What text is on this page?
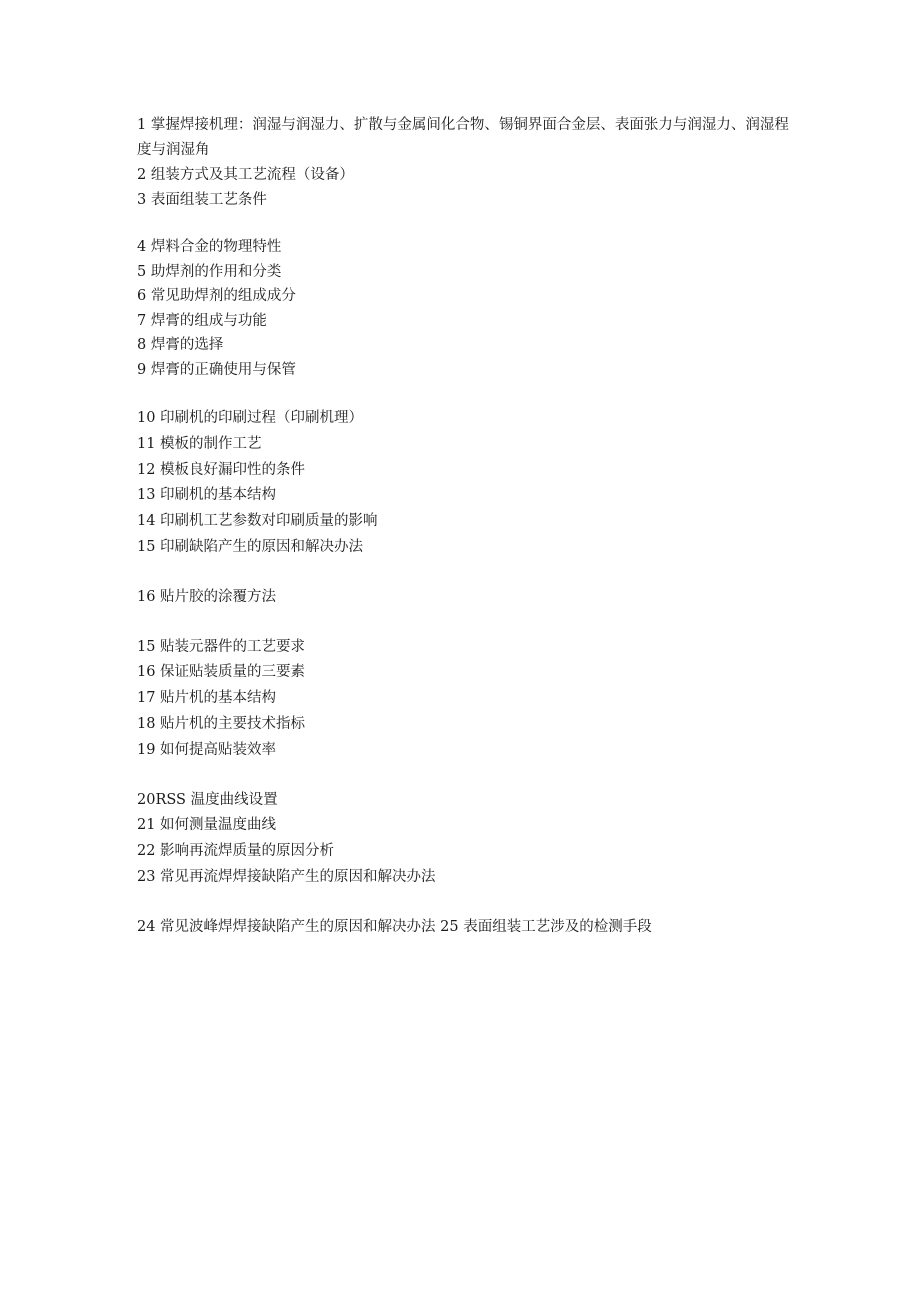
1 掌握焊接机理：润湿与润湿力、扩散与金属间化合物、锡铜界面合金层、表面张力与润湿力、润湿程度与润湿角
2 组装方式及其工艺流程（设备）
3 表面组装工艺条件
4 焊料合金的物理特性
5 助焊剂的作用和分类
6 常见助焊剂的组成成分
7 焊膏的组成与功能
8 焊膏的选择
9 焊膏的正确使用与保管
10 印刷机的印刷过程（印刷机理）
11 模板的制作工艺
12 模板良好漏印性的条件
13 印刷机的基本结构
14 印刷机工艺参数对印刷质量的影响
15 印刷缺陷产生的原因和解决办法
16 贴片胶的涂覆方法
15 贴装元器件的工艺要求
16 保证贴装质量的三要素
17 贴片机的基本结构
18 贴片机的主要技术指标
19 如何提高贴装效率
20RSS 温度曲线设置
21 如何测量温度曲线
22 影响再流焊质量的原因分析
23 常见再流焊焊接缺陷产生的原因和解决办法
24 常见波峰焊焊接缺陷产生的原因和解决办法 25 表面组装工艺涉及的检测手段
